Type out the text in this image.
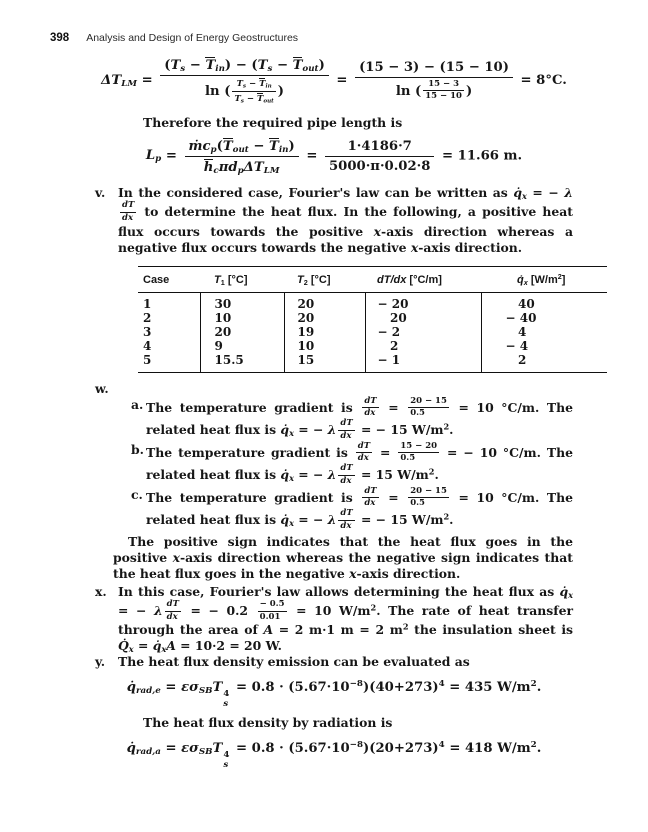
398 Analysis and Design of Energy Geostructures
$\Delta T_{LM}$ =
$(T_s - T_{in}) - (T_s - T_{out})$
ln ( $T_s - T_{in}$
$T_s - T_{out}$
)
= $\frac{(15 - 3) - (15 - 10)}{\ln ( \frac{15 - 3}{15 - 10} )} = 8^\circ C$.
Therefore the required pipe length is
$L_p$ =
$ṁc_p(T_{out} - T_{in})$
$h_c\pi d_p\Delta T_{LM}$
= $\frac{1\cdot 4186\cdot 7}{5000\cdot\pi\cdot 0.02\cdot 8} = 11.66$ m.
v.	In the considered case, Fourier's law can be written as $q̇_x$ = − λ
$\frac{dT}{dx}$ to determine the heat flux. In the following, a positive heat flux occurs towards the positive x-axis direction whereas a negative flux occurs towards the negative x-axis direction.
Case	$T_1$ [°C]	$T_2$ [°C]	dT/dx [°C/m]	$q̇_x$ $[W/m^2]$
1	30	20	− 20	40
2	10	20	20	− 40
3	20	19	− 2	4
4	9	10	2	− 4
5	15.5	15	− 1	2
w.
a. The temperature gradient is $\frac{dT}{dx} = \frac{20 - 15}{0.5} = 10$ °C/m. The related heat flux is $q̇_x$ = − λ $\frac{dT}{dx}$ = − 15 $W/m^2$.
b. The temperature gradient is $\frac{dT}{dx} = \frac{15 - 20}{0.5}$ = − 10 °C/m. The related heat flux is $q̇_x$ = − λ $\frac{dT}{dx} = 15$ $W/m^2$.
c. The temperature gradient is $\frac{dT}{dx} = \frac{20 - 15}{0.5} = 10$ °C/m. The related heat flux is $q̇_x$ = − λ $\frac{dT}{dx}$ = − 15 $W/m^2$.
The positive sign indicates that the heat flux goes in the positive x-axis direction whereas the negative sign indicates that the heat flux goes in the negative x-axis direction.
x. In this case, Fourier's law allows determining the heat flux as $q̇_x$ = − λ $\frac{dT}{dx}$ = − $0.2 \frac{- 0.5}{0.01} = 10$ $W/m^2$. The rate of heat transfer through the area of A = 2 m·1 m = 2 $m^2$ the insulation sheet is $Q̇_x$ = $q̇_xA = 10\cdot 2 = 20$ W.
y.	The heat flux density emission can be evaluated as
$q̇_{rad,e} = \varepsilon\sigma_{SB}T$ 4
s
= $0.8 \cdot (5.67\cdot 10^{-8})(40+273)^4 = 435$ $W/m^2$.
The heat flux density by radiation is
$q̇_{rad,a} = \varepsilon\sigma_{SB}T$ 4
s
= $0.8 \cdot (5.67\cdot 10^{-8})(20+273)^4 = 418$ $W/m^2$.
